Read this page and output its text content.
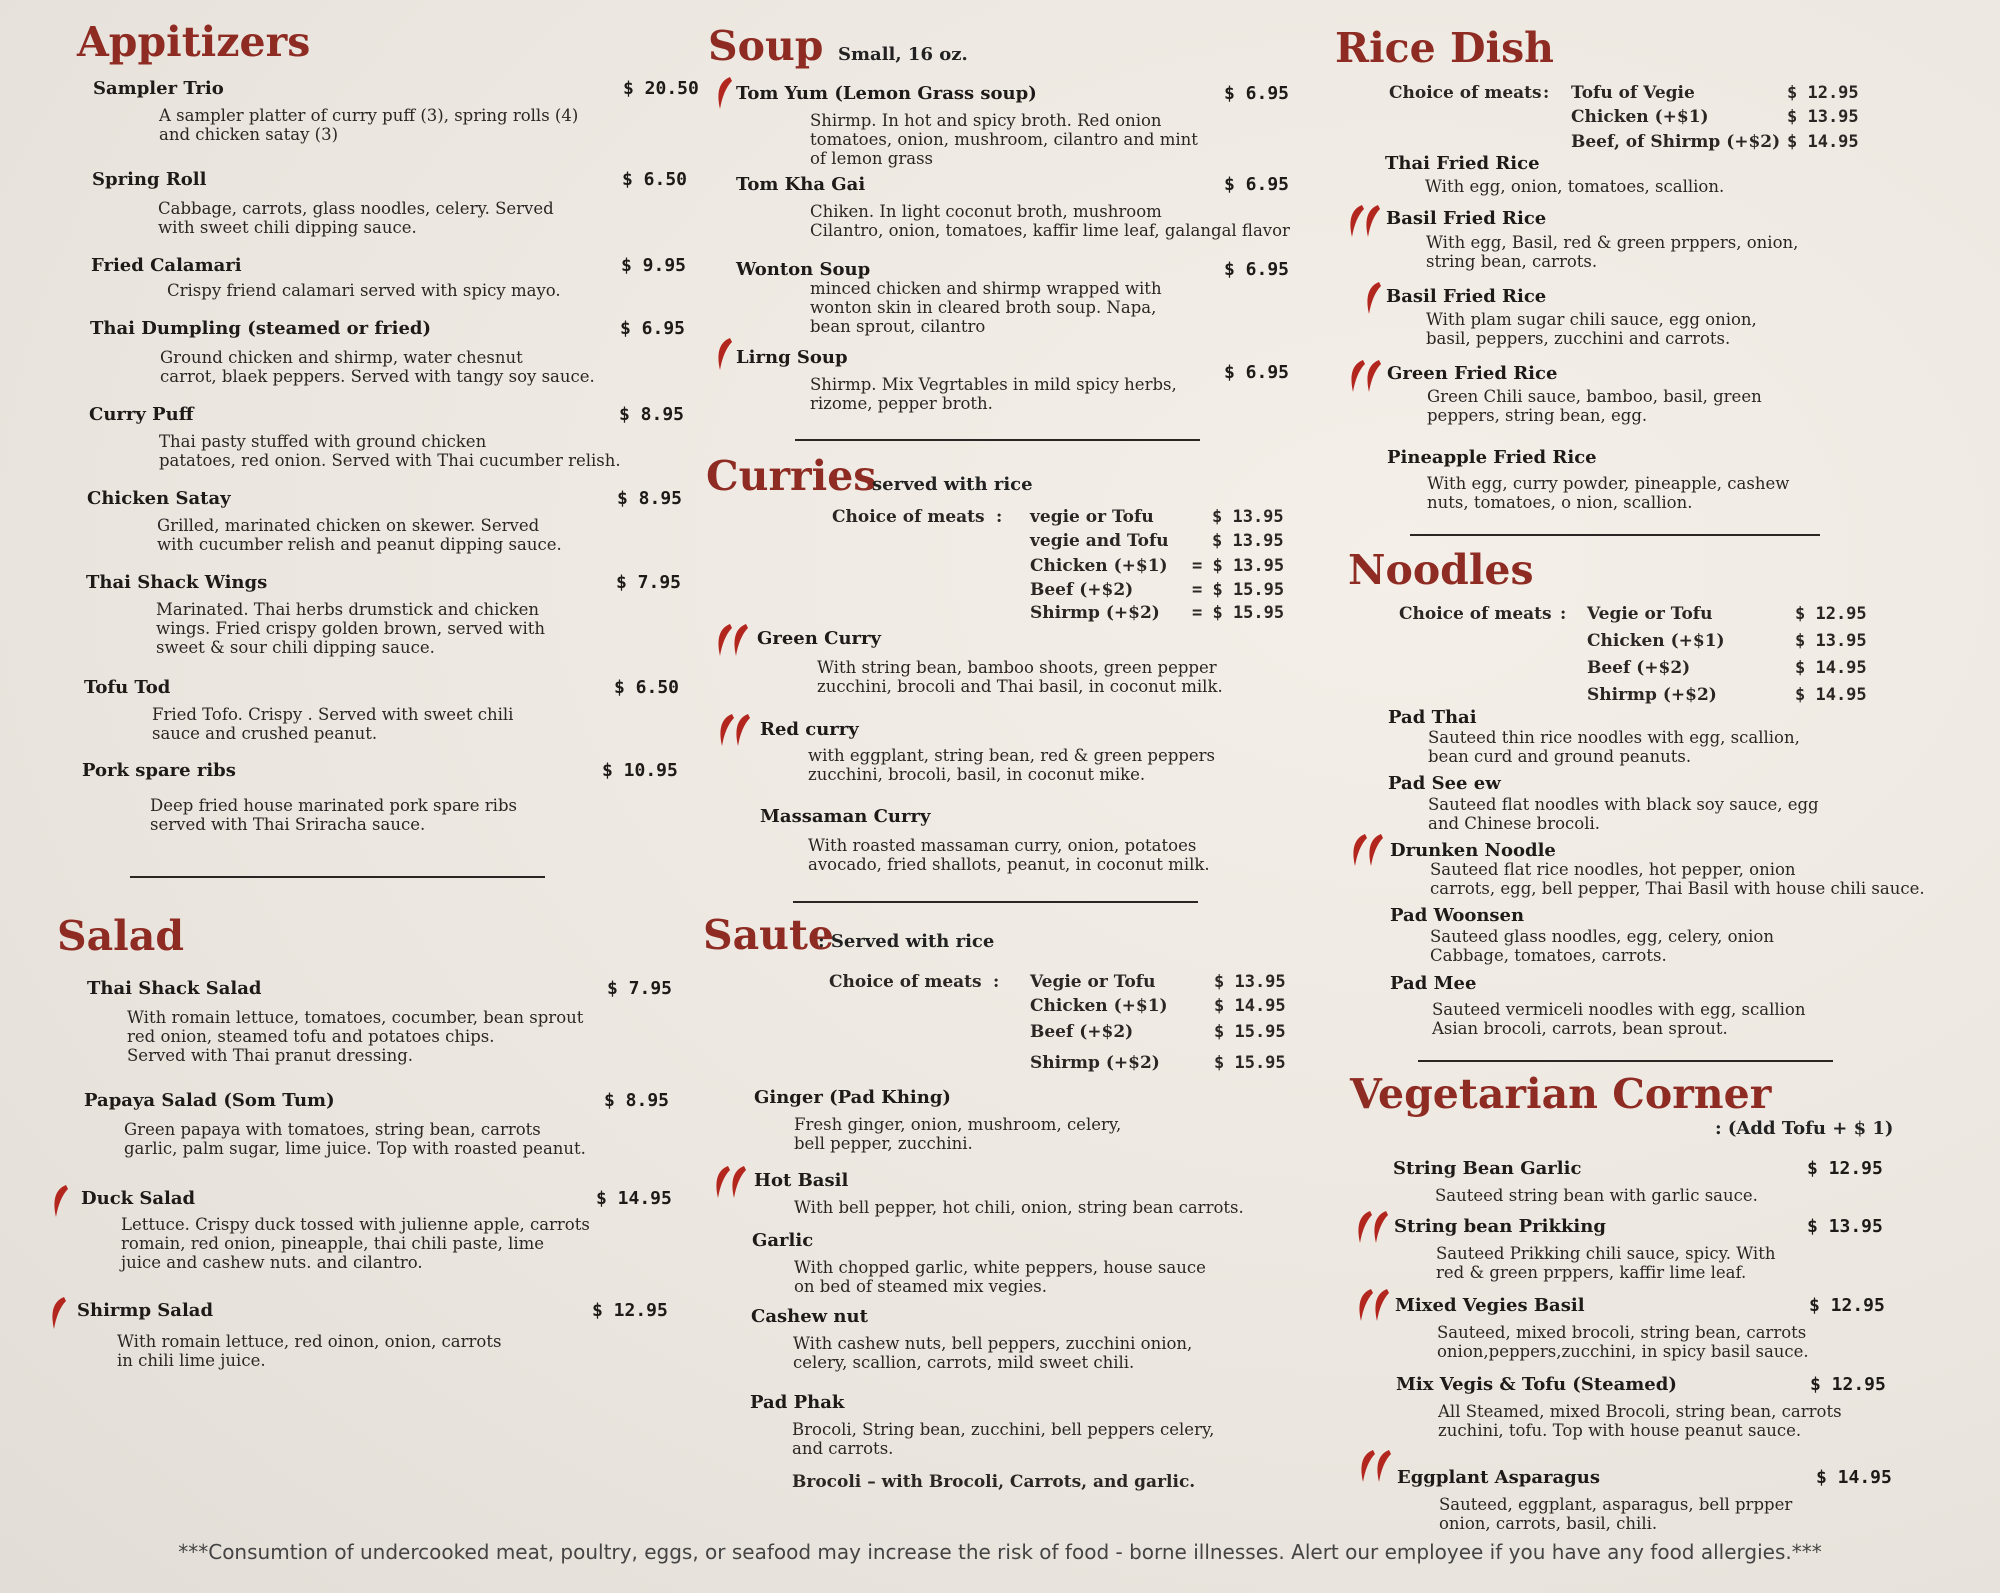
Appitizers
Sampler Trio	$ 20.50
A sampler platter of curry puff (3), spring rolls (4)
and chicken satay (3)
Spring Roll	$ 6.50
Cabbage, carrots, glass noodles, celery. Served
with sweet chili dipping sauce.
Fried Calamari	$ 9.95
Crispy friend calamari served with spicy mayo.
Thai Dumpling (steamed or fried)	$ 6.95
Ground chicken and shirmp, water chesnut
carrot, blaek peppers. Served with tangy soy sauce.
Curry Puff	$ 8.95
Thai pasty stuffed with ground chicken
patatoes, red onion. Served with Thai cucumber relish.
Chicken Satay	$ 8.95
Grilled, marinated chicken on skewer. Served
with cucumber relish and peanut dipping sauce.
Thai Shack Wings	$ 7.95
Marinated. Thai herbs drumstick and chicken
wings. Fried crispy golden brown, served with
sweet & sour chili dipping sauce.
Tofu Tod	$ 6.50
Fried Tofo. Crispy . Served with sweet chili
sauce and crushed peanut.
Pork spare ribs	$ 10.95
Deep fried house marinated pork spare ribs
served with Thai Sriracha sauce.
Salad
Thai Shack Salad	$ 7.95
With romain lettuce, tomatoes, cocumber, bean sprout
red onion, steamed tofu and potatoes chips.
Served with Thai pranut dressing.
Papaya Salad (Som Tum)	$ 8.95
Green papaya with tomatoes, string bean, carrots
garlic, palm sugar, lime juice. Top with roasted peanut.
Duck Salad	$ 14.95
Lettuce. Crispy duck tossed with julienne apple, carrots
romain, red onion, pineapple, thai chili paste, lime
juice and cashew nuts. and cilantro.
Shirmp Salad	$ 12.95
With romain lettuce, red oinon, onion, carrots
in chili lime juice.
Soup Small, 16 oz.
Tom Yum (Lemon Grass soup)	$ 6.95
Shirmp. In hot and spicy broth. Red onion
tomatoes, onion, mushroom, cilantro and mint
of lemon grass
Tom Kha Gai	$ 6.95
Chiken. In light coconut broth, mushroom
Cilantro, onion, tomatoes, kaffir lime leaf, galangal flavor
Wonton Soup	$ 6.95
minced chicken and shirmp wrapped with
wonton skin in cleared broth soup. Napa,
bean sprout, cilantro
Lirng Soup
$ 6.95
Shirmp. Mix Vegrtables in mild spicy herbs,
rizome, pepper broth.
Curries
served with rice
Choice of meats : vegie or Tofu	$ 13.95
vegie and Tofu	$ 13.95
Chicken (+$1) = $ 13.95
Beef (+$2)	= $ 15.95
Shirmp (+$2) = $ 15.95
Green Curry
With string bean, bamboo shoots, green pepper
zucchini, brocoli and Thai basil, in coconut milk.
Red curry
with eggplant, string bean, red & green peppers
zucchini, brocoli, basil, in coconut mike.
Massaman Curry
With roasted massaman curry, onion, potatoes
avocado, fried shallots, peanut, in coconut milk.
Saute
: Served with rice
Choice of meats : Vegie or Tofu	$ 13.95
Chicken (+$1)	$ 14.95
Beef (+$2)	$ 15.95
Shirmp (+$2)	$ 15.95
Ginger (Pad Khing)
Fresh ginger, onion, mushroom, celery,
bell pepper, zucchini.
Hot Basil
With bell pepper, hot chili, onion, string bean carrots.
Garlic
With chopped garlic, white peppers, house sauce
on bed of steamed mix vegies.
Cashew nut
With cashew nuts, bell peppers, zucchini onion,
celery, scallion, carrots, mild sweet chili.
Pad Phak
Brocoli, String bean, zucchini, bell peppers celery,
and carrots.
Brocoli – with Brocoli, Carrots, and garlic.
Rice Dish
Choice of meats : Tofu of Vegie	$ 12.95
Chicken (+$1)	$ 13.95
Beef, of Shirmp (+$2) $ 14.95
Thai Fried Rice
With egg, onion, tomatoes, scallion.
Basil Fried Rice
With egg, Basil, red & green prppers, onion,
string bean, carrots.
Basil Fried Rice
With plam sugar chili sauce, egg onion,
basil, peppers, zucchini and carrots.
Green Fried Rice
Green Chili sauce, bamboo, basil, green
peppers, string bean, egg.
Pineapple Fried Rice
With egg, curry powder, pineapple, cashew
nuts, tomatoes, o nion, scallion.
Noodles
Choice of meats : Vegie or Tofu	$ 12.95
Chicken (+$1)	$ 13.95
Beef (+$2)	$ 14.95
Shirmp (+$2)	$ 14.95
Pad Thai
Sauteed thin rice noodles with egg, scallion,
bean curd and ground peanuts.
Pad See ew
Sauteed flat noodles with black soy sauce, egg
and Chinese brocoli.
Drunken Noodle
Sauteed flat rice noodles, hot pepper, onion
carrots, egg, bell pepper, Thai Basil with house chili sauce.
Pad Woonsen
Sauteed glass noodles, egg, celery, onion
Cabbage, tomatoes, carrots.
Pad Mee
Sauteed vermiceli noodles with egg, scallion
Asian brocoli, carrots, bean sprout.
Vegetarian Corner
: (Add Tofu + $ 1)
String Bean Garlic	$ 12.95
Sauteed string bean with garlic sauce.
String bean Prikking	$ 13.95
Sauteed Prikking chili sauce, spicy. With
red & green prppers, kaffir lime leaf.
Mixed Vegies Basil	$ 12.95
Sauteed, mixed brocoli, string bean, carrots
onion,peppers,zucchini, in spicy basil sauce.
Mix Vegis & Tofu (Steamed)	$ 12.95
All Steamed, mixed Brocoli, string bean, carrots
zuchini, tofu. Top with house peanut sauce.
Eggplant Asparagus	$ 14.95
Sauteed, eggplant, asparagus, bell prpper
onion, carrots, basil, chili.
***Consumtion of undercooked meat, poultry, eggs, or seafood may increase the risk of food - borne illnesses. Alert our employee if you have any food allergies.***
